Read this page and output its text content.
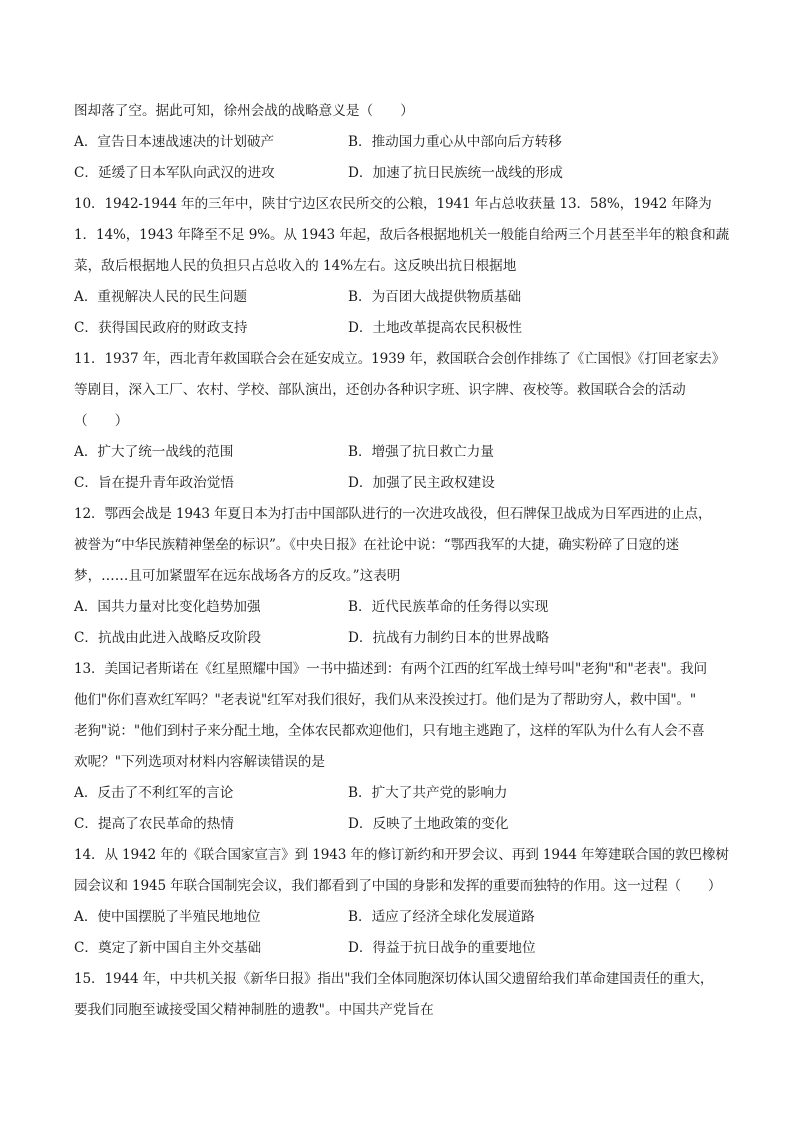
图却落了空。据此可知，徐州会战的战略意义是（　　）
A．宣告日本速战速决的计划破产	B．推动国力重心从中部向后方转移
C．延缓了日本军队向武汉的进攻	D．加速了抗日民族统一战线的形成
10．1942-1944 年的三年中，陕甘宁边区农民所交的公粮，1941 年占总收获量 13．58%，1942 年降为
1．14%，1943 年降至不足 9%。从 1943 年起，敌后各根据地机关一般能自给两三个月甚至半年的粮食和蔬
菜，敌后根据地人民的负担只占总收入的 14%左右。这反映出抗日根据地
A．重视解决人民的民生问题	B．为百团大战提供物质基础
C．获得国民政府的财政支持	D．土地改革提高农民积极性
11．1937 年，西北青年救国联合会在延安成立。1939 年，救国联合会创作排练了《亡国恨》《打回老家去》
等剧目，深入工厂、农村、学校、部队演出，还创办各种识字班、识字牌、夜校等。救国联合会的活动
（　　）
A．扩大了统一战线的范围	B．增强了抗日救亡力量
C．旨在提升青年政治觉悟	D．加强了民主政权建设
12．鄂西会战是 1943 年夏日本为打击中国部队进行的一次进攻战役，但石牌保卫战成为日军西进的止点，
被誉为“中华民族精神堡垒的标识”。《中央日报》在社论中说：“鄂西我军的大捷，确实粉碎了日寇的迷
梦，……且可加紧盟军在远东战场各方的反攻。”这表明
A．国共力量对比变化趋势加强	B．近代民族革命的任务得以实现
C．抗战由此进入战略反攻阶段	D．抗战有力制约日本的世界战略
13．美国记者斯诺在《红星照耀中国》一书中描述到：有两个江西的红军战士绰号叫"老狗"和"老表"。我问
他们"你们喜欢红军吗？"老表说"红军对我们很好，我们从来没挨过打。他们是为了帮助穷人，救中国"。"
老狗"说："他们到村子来分配土地，全体农民都欢迎他们，只有地主逃跑了，这样的军队为什么有人会不喜
欢呢？"下列选项对材料内容解读错误的是
A．反击了不利红军的言论	B．扩大了共产党的影响力
C．提高了农民革命的热情	D．反映了土地政策的变化
14．从 1942 年的《联合国家宣言》到 1943 年的修订新约和开罗会议、再到 1944 年筹建联合国的敦巴橡树
园会议和 1945 年联合国制宪会议，我们都看到了中国的身影和发挥的重要而独特的作用。这一过程（　　）
A．使中国摆脱了半殖民地地位	B．适应了经济全球化发展道路
C．奠定了新中国自主外交基础	D．得益于抗日战争的重要地位
15．1944 年，中共机关报《新华日报》指出"我们全体同胞深切体认国父遗留给我们革命建国责任的重大，
要我们同胞至诚接受国父精神制胜的遗教"。中国共产党旨在
